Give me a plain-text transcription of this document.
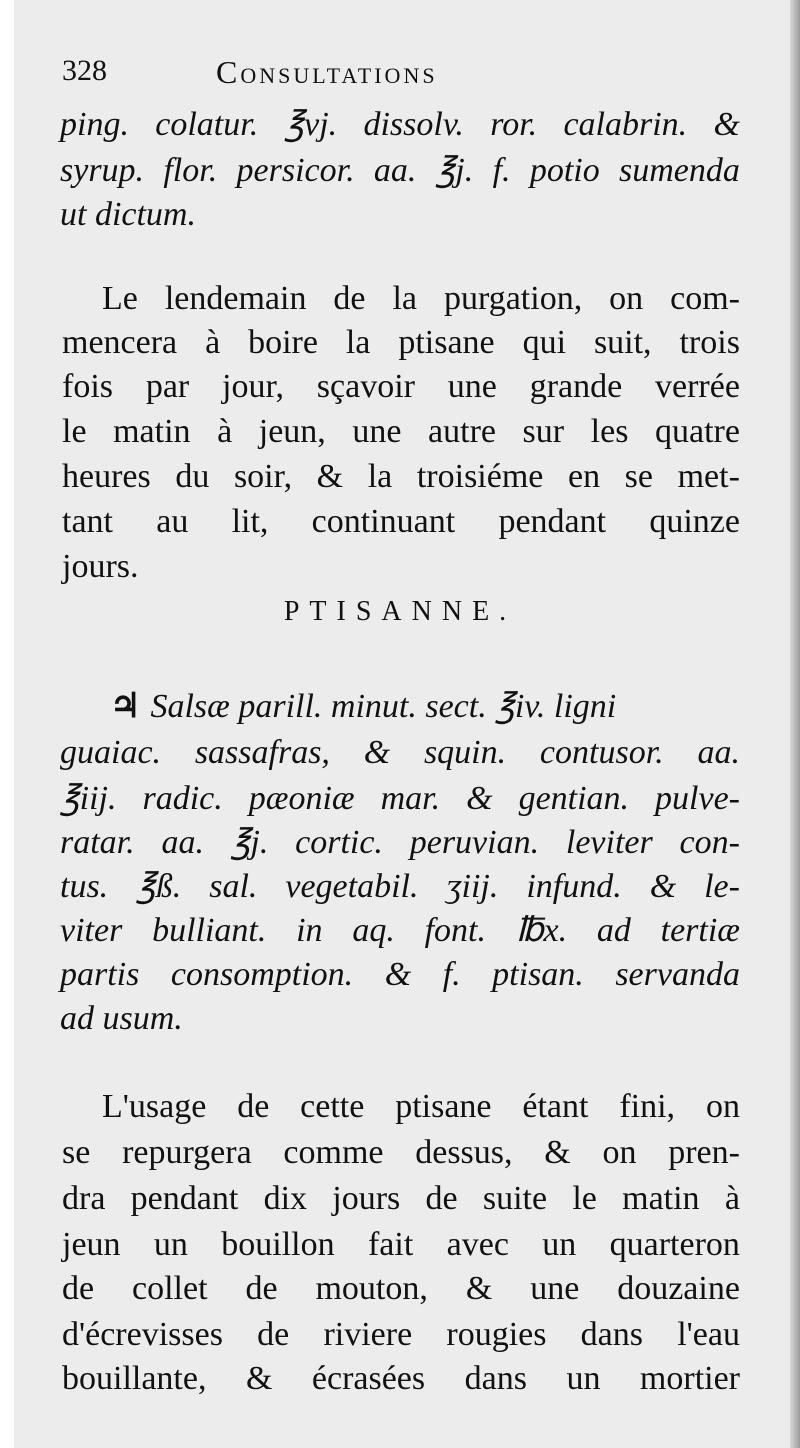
328	Consultations
ping. colatur. ℥vj. dissolv. ror. calabrin. &
syrup. flor. persicor. aa. ℥j. f. potio sumenda
ut dictum.
Le lendemain de la purgation, on com-
mencera à boire la ptisane qui suit, trois
fois par jour, sçavoir une grande verrée
le matin à jeun, une autre sur les quatre
heures du soir, & la troisiéme en se met-
tant au lit, continuant pendant quinze
jours.
PTISANNE.
♃ Salsæ parill. minut. sect. ℥iv. ligni
guaiac. sassafras, & squin. contusor. aa.
℥iij. radic. pæoniæ mar. & gentian. pulve-
ratar. aa. ℥j. cortic. peruvian. leviter con-
tus. ℥ß. sal. vegetabil. ʒiij. infund. & le-
viter bulliant. in aq. font. ℔x. ad tertiæ
partis consomption. & f. ptisan. servanda
ad usum.
L'usage de cette ptisane étant fini, on
se repurgera comme dessus, & on pren-
dra pendant dix jours de suite le matin à
jeun un bouillon fait avec un quarteron
de collet de mouton, & une douzaine
d'écrevisses de riviere rougies dans l'eau
bouillante, & écrasées dans un mortier
